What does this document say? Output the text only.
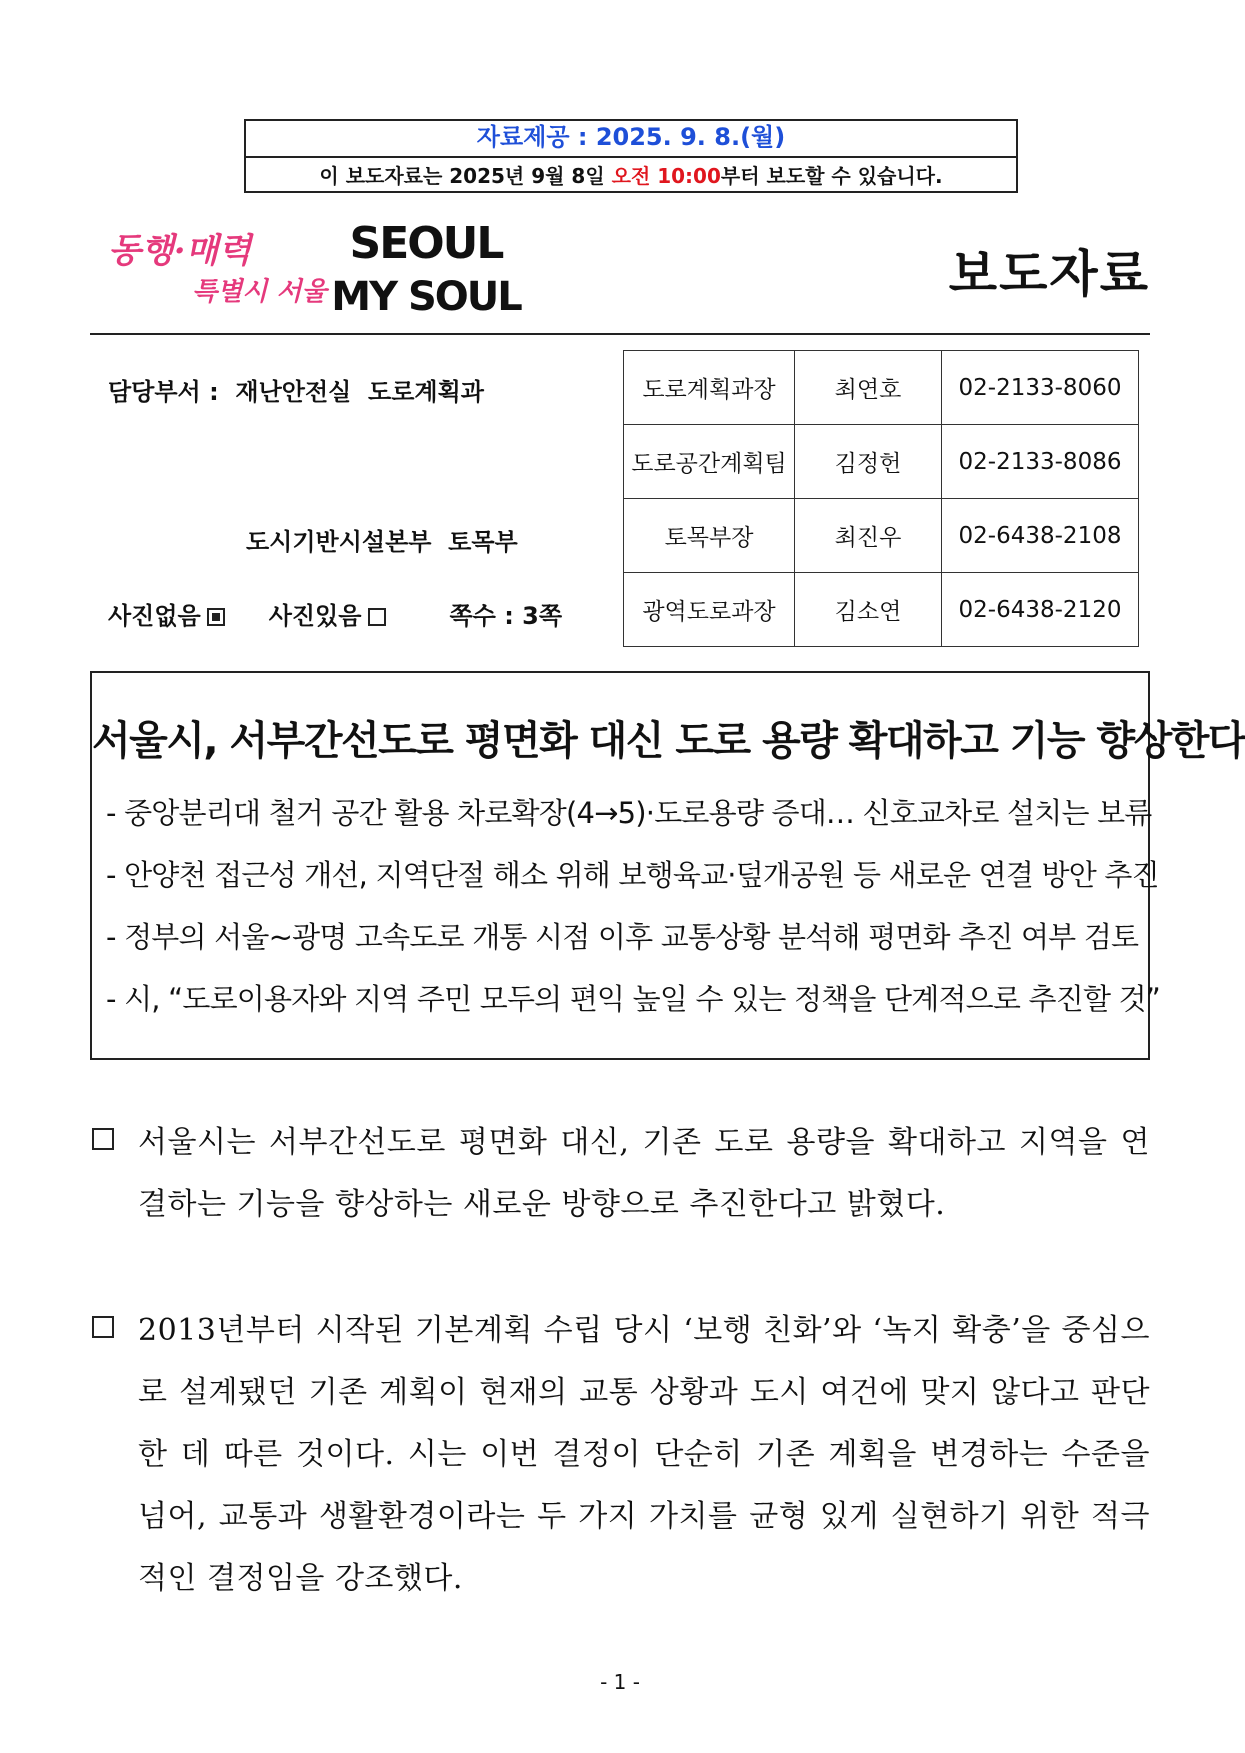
자료제공 : 2025. 9. 8.(월)
이 보도자료는 2025년 9월 8일 오전 10:00부터 보도할 수 있습니다.
동행·매력
특별시 서울
SEOUL
MY SOUL	보도자료
담당부서 :  재난안전실  도로계획과
도시기반시설본부  토목부
사진없음	사진있음	쪽수 : 3쪽
도로계획과장	최연호	02-2133-8060
도로공간계획팀	김정헌	02-2133-8086
토목부장	최진우	02-6438-2108
광역도로과장	김소연	02-6438-2120
서울시, 서부간선도로 평면화 대신 도로 용량 확대하고 기능 향상한다
- 중앙분리대 철거 공간 활용 차로확장(4→5)·도로용량 증대… 신호교차로 설치는 보류
- 안양천 접근성 개선, 지역단절 해소 위해 보행육교·덮개공원 등 새로운 연결 방안 추진
- 정부의 서울~광명 고속도로 개통 시점 이후 교통상황 분석해 평면화 추진 여부 검토
- 시, “도로이용자와 지역 주민 모두의 편익 높일 수 있는 정책을 단계적으로 추진할 것”
서울시는 서부간선도로 평면화 대신, 기존 도로 용량을 확대하고 지역을 연결하는 기능을 향상하는 새로운 방향으로 추진한다고 밝혔다.
2013년부터 시작된 기본계획 수립 당시 ‘보행 친화’와 ‘녹지 확충’을 중심으로 설계됐던 기존 계획이 현재의 교통 상황과 도시 여건에 맞지 않다고 판단한 데 따른 것이다. 시는 이번 결정이 단순히 기존 계획을 변경하는 수준을 넘어, 교통과 생활환경이라는 두 가지 가치를 균형 있게 실현하기 위한 적극적인 결정임을 강조했다.
- 1 -
